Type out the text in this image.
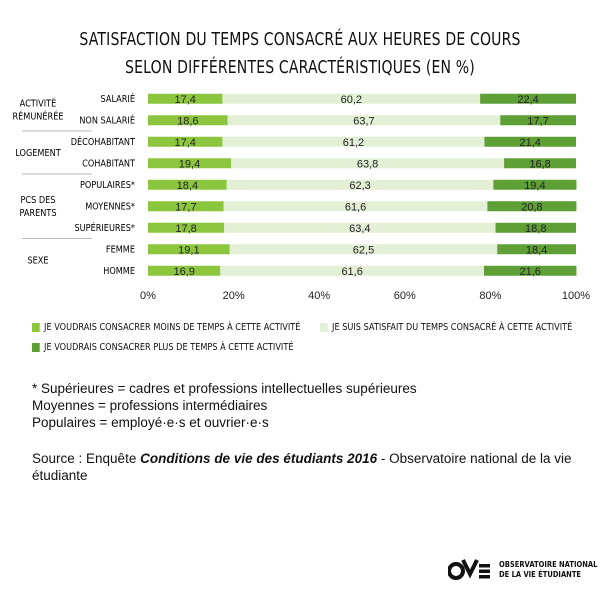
SATISFACTION DU TEMPS CONSACRÉ AUX HEURES DE COURS
SELON DIFFÉRENTES CARACTÉRISTIQUES (EN %)
SALARIÉ	17,4	60,2	22,4
NON SALARIÉ	18,6	63,7	17,7
ACTIVITÉ
RÉMUNÉRÉE
DÉCOHABITANT	17,4	61,2	21,4
COHABITANT	19,4	63,8	16,8
LOGEMENT
POPULAIRES*	18,4	62,3	19,4
MOYENNES*	17,7	61,6	20,8
SUPÉRIEURES*	17,8	63,4	18,8
PCS DES
PARENTS
FEMME	19,1	62,5	18,4
HOMME	16,9	61,6	21,6
SEXE
0%	20%	40%	60%	80%	100%
JE VOUDRAIS CONSACRER MOINS DE TEMPS À CETTE ACTIVITÉ	JE SUIS SATISFAIT DU TEMPS CONSACRÉ À CETTE ACTIVITÉ
JE VOUDRAIS CONSACRER PLUS DE TEMPS À CETTE ACTIVITÉ
* Supérieures = cadres et professions intellectuelles supérieures
Moyennes = professions intermédiaires
Populaires = employé·e·s et ouvrier·e·s
Source : Enquête Conditions de vie des étudiants 2016 - Observatoire national de la vie étudiante
OBSERVATOIRE NATIONAL
DE LA VIE ÉTUDIANTE
